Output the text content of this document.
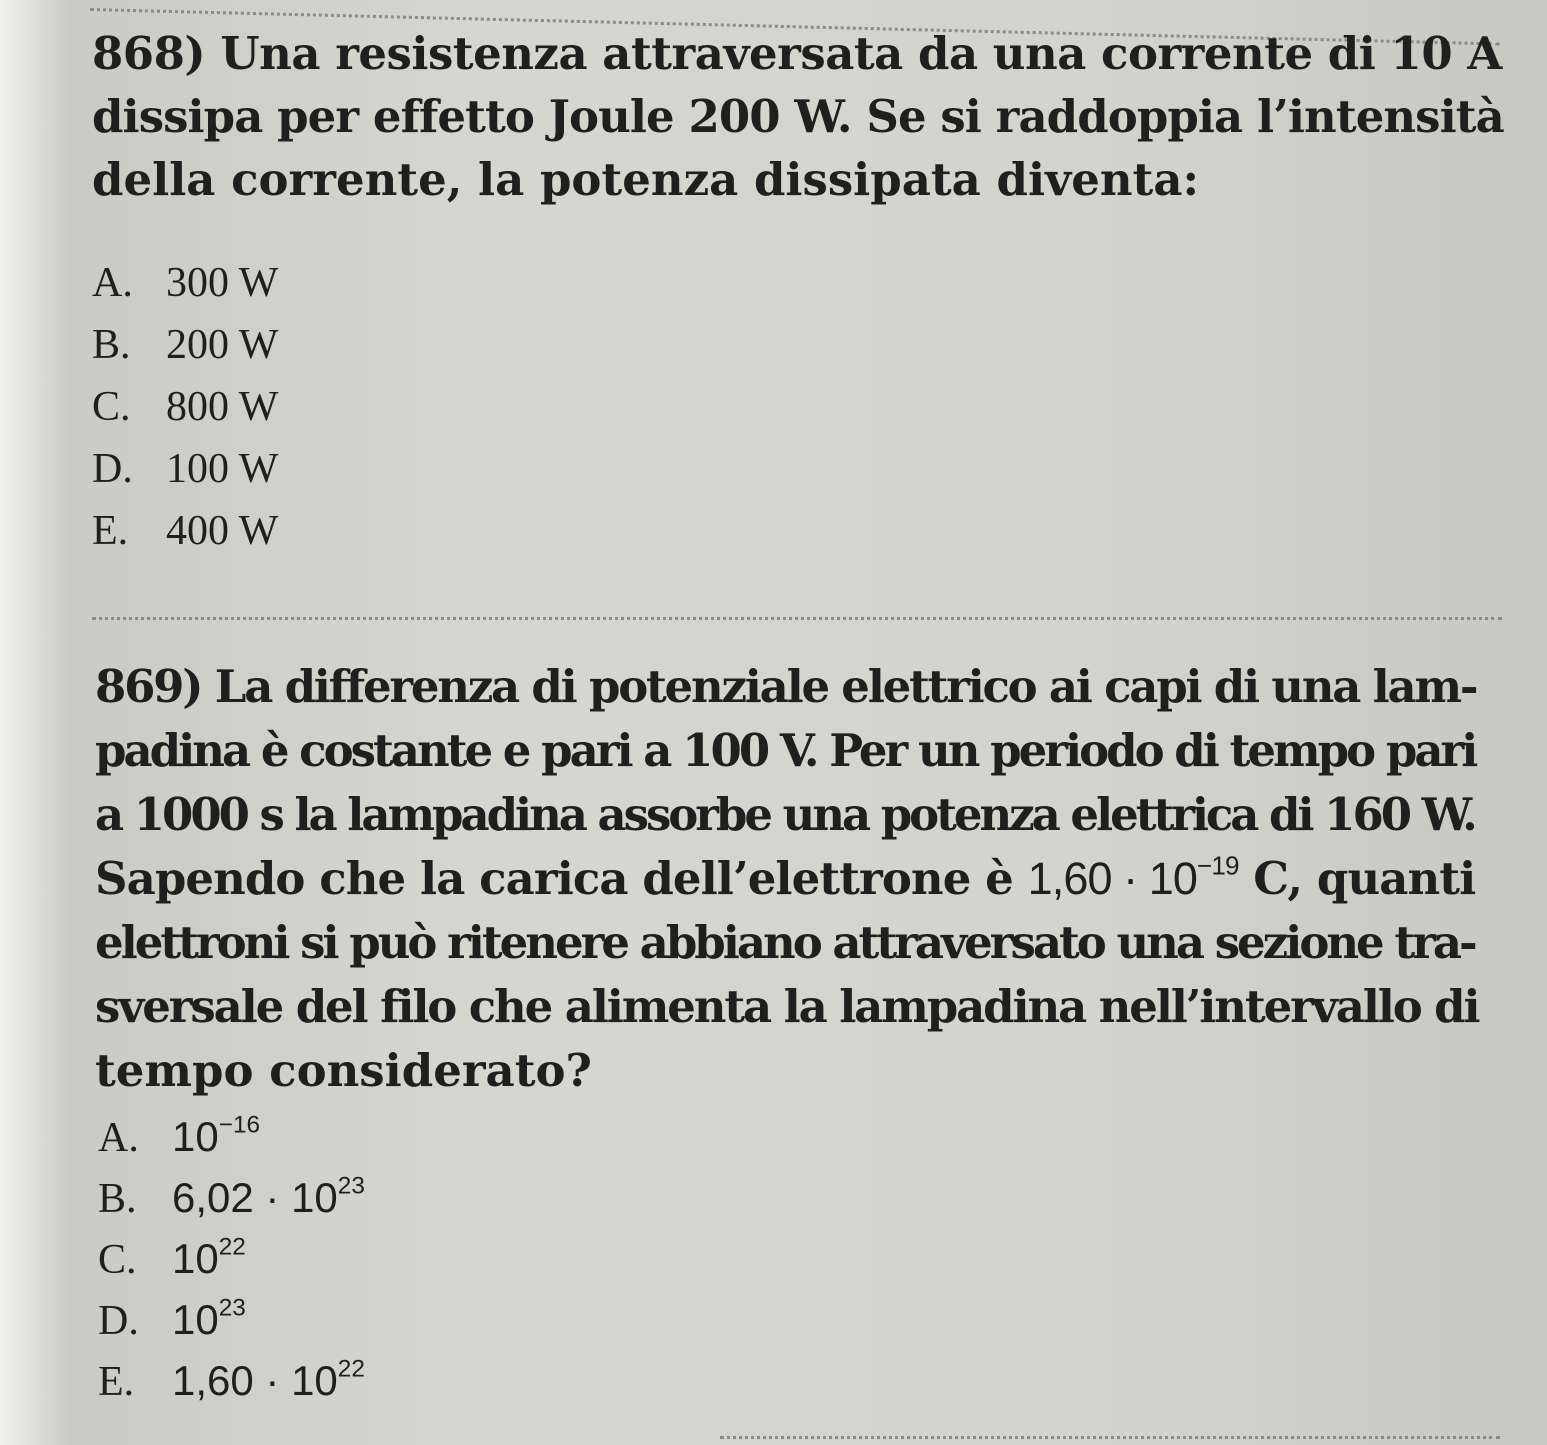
868) Una resistenza attraversata da una corrente di 10 A
dissipa per effetto Joule 200 W. Se si raddoppia l’intensità
della corrente, la potenza dissipata diventa:
A. 300 W
B. 200 W
C. 800 W
D. 100 W
E. 400 W
869) La differenza di potenziale elettrico ai capi di una lam-
padina è costante e pari a 100 V. Per un periodo di tempo pari
a 1000 s la lampadina assorbe una potenza elettrica di 160 W.
Sapendo che la carica dell’elettrone è $1,60 \cdot 10^{-19}$ C, quanti
elettroni si può ritenere abbiano attraversato una sezione tra-
sversale del filo che alimenta la lampadina nell’intervallo di
tempo considerato?
A. $10^{-16}$
B. $6,02 \cdot 10^{23}$
C. $10^{22}$
D. $10^{23}$
E. $1,60 \cdot 10^{22}$
